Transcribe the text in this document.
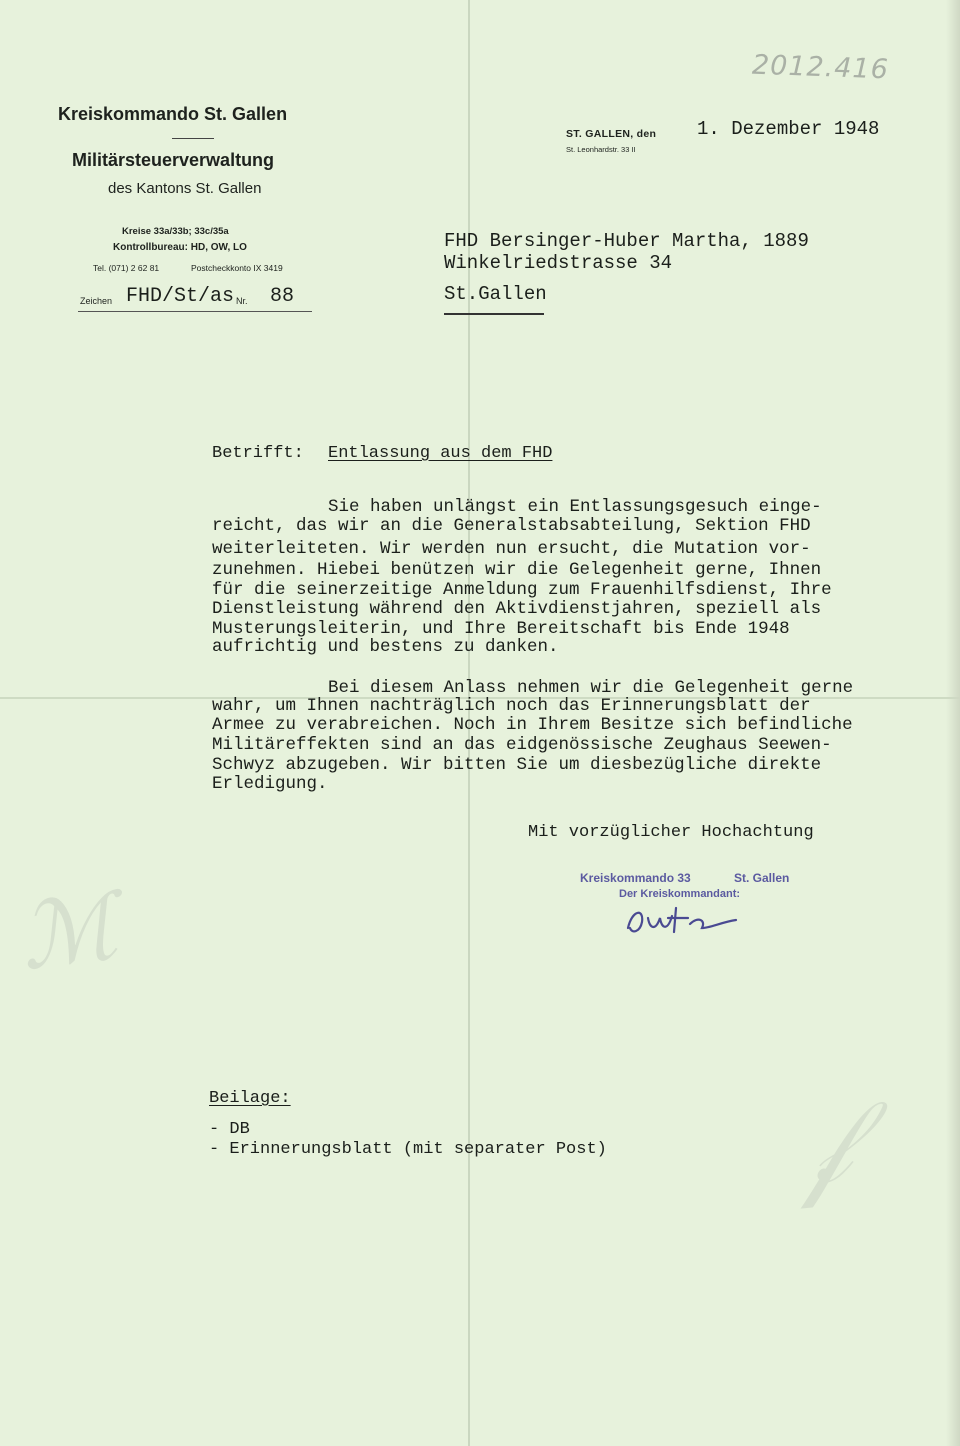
ℳ
𝒻
2012.416
Kreiskommando St. Gallen
Militärsteuerverwaltung
des Kantons St. Gallen
Kreise 33a/33b; 33c/35a
Kontrollbureau: HD, OW, LO
Tel. (071) 2 62 81	Postcheckkonto IX 3419
Zeichen FHD/St/as Nr. 88
ST. GALLEN, den
St. Leonhardstr. 33 II
1. Dezember 1948
FHD Bersinger-Huber Martha, 1889
Winkelriedstrasse 34
St.Gallen
Betrifft: Entlassung aus dem FHD
Sie haben unlängst ein Entlassungsgesuch einge-
reicht, das wir an die Generalstabsabteilung, Sektion FHD
weiterleiteten. Wir werden nun ersucht, die Mutation vor-
zunehmen. Hiebei benützen wir die Gelegenheit gerne, Ihnen
für die seinerzeitige Anmeldung zum Frauenhilfsdienst, Ihre
Dienstleistung während den Aktivdienstjahren, speziell als
Musterungsleiterin, und Ihre Bereitschaft bis Ende 1948
aufrichtig und bestens zu danken.
Bei diesem Anlass nehmen wir die Gelegenheit gerne
wahr, um Ihnen nachträglich noch das Erinnerungsblatt der
Armee zu verabreichen. Noch in Ihrem Besitze sich befindliche
Militäreffekten sind an das eidgenössische Zeughaus Seewen-
Schwyz abzugeben. Wir bitten Sie um diesbezügliche direkte
Erledigung.
Mit vorzüglicher Hochachtung
Kreiskommando 33	St. Gallen
Der Kreiskommandant:
Beilage:
- DB
- Erinnerungsblatt (mit separater Post)
